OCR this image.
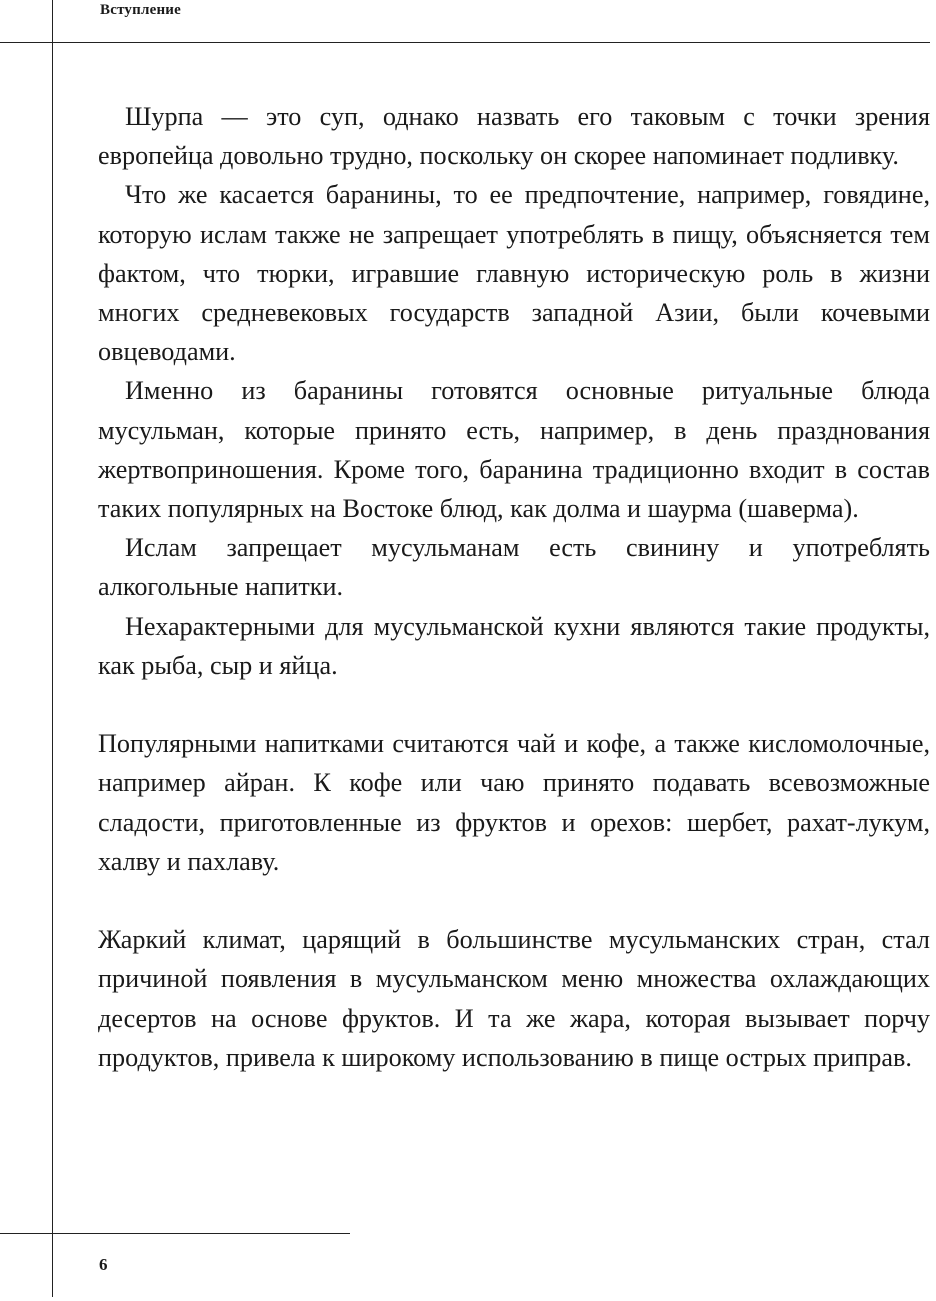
Вступление

Шурпа — это суп, однако назвать его таковым с точки зрения европейца довольно трудно, поскольку он скорее напоминает подливку.

Что же касается баранины, то ее предпочтение, например, говядине, которую ислам также не запрещает употреблять в пищу, объясняется тем фактом, что тюрки, игравшие главную историческую роль в жизни многих средневековых государств западной Азии, были кочевыми овцеводами.

Именно из баранины готовятся основные ритуальные блюда мусульман, которые принято есть, например, в день празднования жертвоприношения. Кроме того, баранина традиционно входит в состав таких популярных на Востоке блюд, как долма и шаурма (шаверма).

Ислам запрещает мусульманам есть свинину и употреблять алкогольные напитки.

Нехарактерными для мусульманской кухни являются такие продукты, как рыба, сыр и яйца.

Популярными напитками считаются чай и кофе, а также кисломолочные, например айран. К кофе или чаю принято подавать всевозможные сладости, приготовленные из фруктов и орехов: шербет, рахат-лукум, халву и пахлаву.

Жаркий климат, царящий в большинстве мусульманских стран, стал причиной появления в мусульманском меню множества охлаждающих десертов на основе фруктов. И та же жара, которая вызывает порчу продуктов, привела к широкому использованию в пище острых приправ.

6
